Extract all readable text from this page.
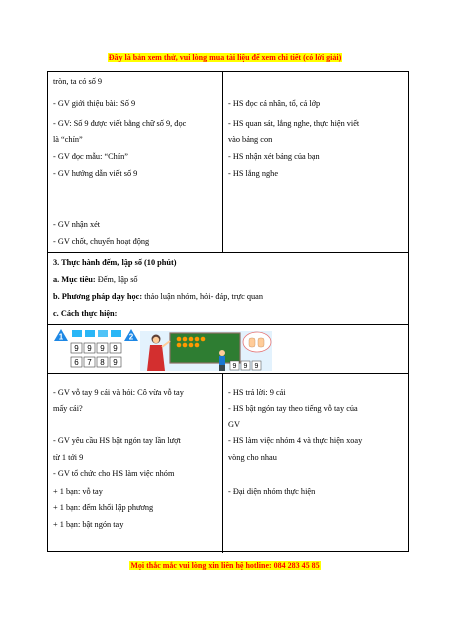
Đây là bản xem thử, vui lòng mua tài liệu để xem chi tiết (có lời giải)
tròn, ta có số 9
- GV giới thiệu bài: Số 9
- GV: Số 9 được viết bằng chữ số 9, đọc
là “chín”
- GV đọc mẫu: “Chín”
- GV hướng dẫn viết số 9
- GV nhận xét
- GV chốt, chuyển hoạt động
- HS đọc cá nhân, tổ, cả lớp
- HS quan sát, lắng nghe, thực hiện viết
vào bảng con
- HS nhận xét bảng của bạn
- HS lắng nghe
3. Thực hành đếm, lập số (10 phút)
a. Mục tiêu: Đếm, lập số
b. Phương pháp dạy học: thảo luận nhóm, hỏi- đáp, trực quan
c. Cách thực hiện:
1
9 9 9 9
6 7 8 9
2
9 9 9
- GV vỗ tay 9 cái và hỏi: Cô vừa vỗ tay
mấy cái?
- GV yêu cầu HS bật ngón tay lần lượt
từ 1 tới 9
- GV tổ chức cho HS làm việc nhóm
+ 1 bạn: vỗ tay
+ 1 bạn: đếm khối lập phương
+ 1 bạn: bật ngón tay
- HS trả lời: 9 cái
- HS bật ngón tay theo tiếng vỗ tay của
GV
- HS làm việc nhóm 4 và thực hiện xoay
vòng cho nhau
- Đại diện nhóm thực hiện
Mọi thắc mắc vui lòng xin liên hệ hotline: 084 283 45 85
